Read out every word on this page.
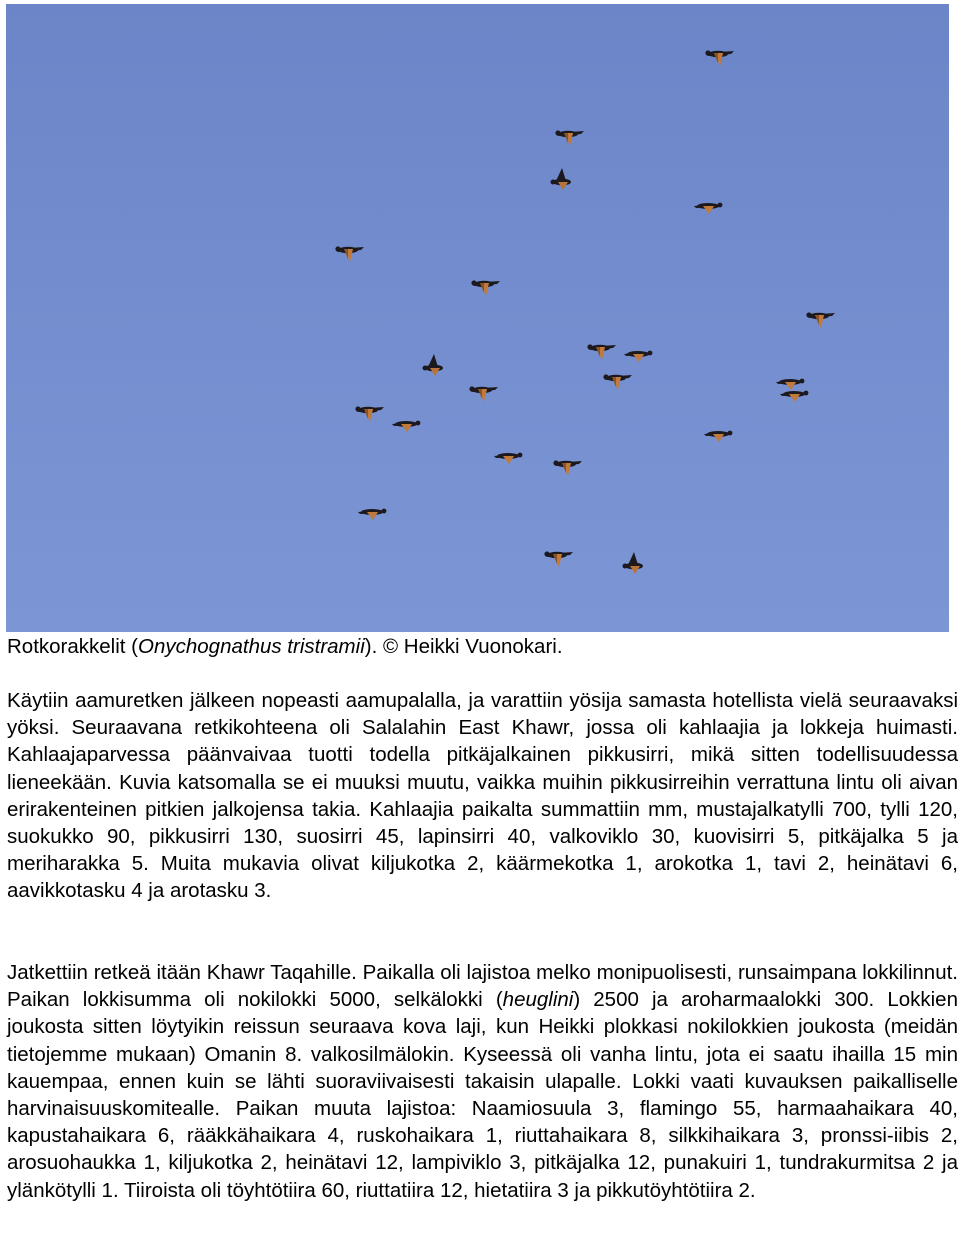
Rotkorakkelit (Onychognathus tristramii). © Heikki Vuonokari.

Käytiin aamuretken jälkeen nopeasti aamupalalla, ja varattiin yösija samasta hotellista vielä seuraavaksi yöksi. Seuraavana retkikohteena oli Salalahin East Khawr, jossa oli kahlaajia ja lokkeja huimasti. Kahlaajaparvessa päänvaivaa tuotti todella pitkäjalkainen pikkusirri, mikä sitten todellisuudessa lieneekään. Kuvia katsomalla se ei muuksi muutu, vaikka muihin pikkusirreihin verrattuna lintu oli aivan erirakenteinen pitkien jalkojensa takia. Kahlaajia paikalta summattiin mm, mustajalkatylli 700, tylli 120, suokukko 90, pikkusirri 130, suosirri 45, lapinsirri 40, valkoviklo 30, kuovisirri 5, pitkäjalka 5 ja meriharakka 5. Muita mukavia olivat kiljukotka 2, käärmekotka 1, arokotka 1, tavi 2, heinätavi 6, aavikkotasku 4 ja arotasku 3.

Jatkettiin retkeä itään Khawr Taqahille. Paikalla oli lajistoa melko monipuolisesti, runsaimpana lokkilinnut. Paikan lokkisumma oli nokilokki 5000, selkälokki (heuglini) 2500 ja aroharmaalokki 300. Lokkien joukosta sitten löytyikin reissun seuraava kova laji, kun Heikki plokkasi nokilokkien joukosta (meidän tietojemme mukaan) Omanin 8. valkosilmälokin. Kyseessä oli vanha lintu, jota ei saatu ihailla 15 min kauempaa, ennen kuin se lähti suoraviivaisesti takaisin ulapalle. Lokki vaati kuvauksen paikalliselle harvinaisuuskomitealle. Paikan muuta lajistoa: Naamiosuula 3, flamingo 55, harmaahaikara 40, kapustahaikara 6, rääkkähaikara 4, ruskohaikara 1, riuttahaikara 8, silkkihaikara 3, pronssi-iibis 2, arosuohaukka 1, kiljukotka 2, heinätavi 12, lampiviklo 3, pitkäjalka 12, punakuiri 1, tundrakurmitsa 2 ja ylänkötylli 1. Tiiroista oli töyhtötiira 60, riuttatiira 12, hietatiira 3 ja pikkutöyhtötiira 2.
